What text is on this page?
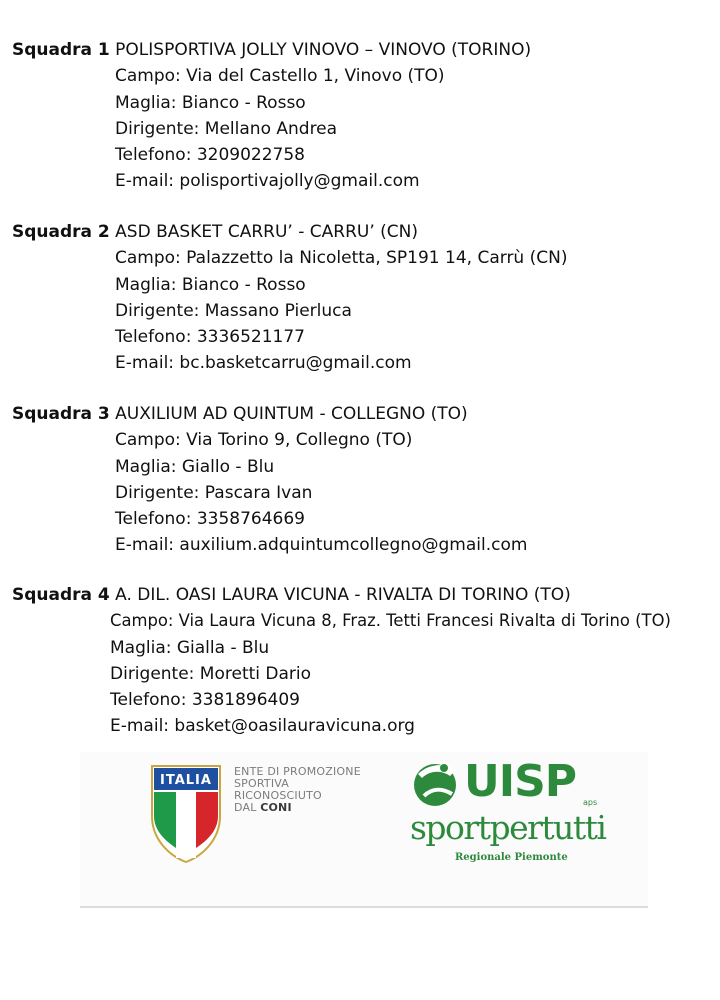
Squadra 1 POLISPORTIVA JOLLY VINOVO – VINOVO (TORINO)
Campo: Via del Castello 1, Vinovo (TO)
Maglia: Bianco - Rosso
Dirigente: Mellano Andrea
Telefono: 3209022758
E-mail: polisportivajolly@gmail.com
Squadra 2 ASD BASKET CARRU’ - CARRU’ (CN)
Campo: Palazzetto la Nicoletta, SP191 14, Carrù (CN)
Maglia: Bianco - Rosso
Dirigente: Massano Pierluca
Telefono: 3336521177
E-mail: bc.basketcarru@gmail.com
Squadra 3 AUXILIUM AD QUINTUM - COLLEGNO (TO)
Campo: Via Torino 9, Collegno (TO)
Maglia: Giallo - Blu
Dirigente: Pascara Ivan
Telefono: 3358764669
E-mail: auxilium.adquintumcollegno@gmail.com
Squadra 4 A. DIL. OASI LAURA VICUNA - RIVALTA DI TORINO (TO)
Campo: Via Laura Vicuna 8, Fraz. Tetti Francesi Rivalta di Torino (TO)
Maglia: Gialla - Blu
Dirigente: Moretti Dario
Telefono: 3381896409
E-mail: basket@oasilauravicuna.org
ITALIA
ENTE DI PROMOZIONE
SPORTIVA
RICONOSCIUTO
DAL CONI
UISP aps
sportpertutti
Regionale Piemonte
